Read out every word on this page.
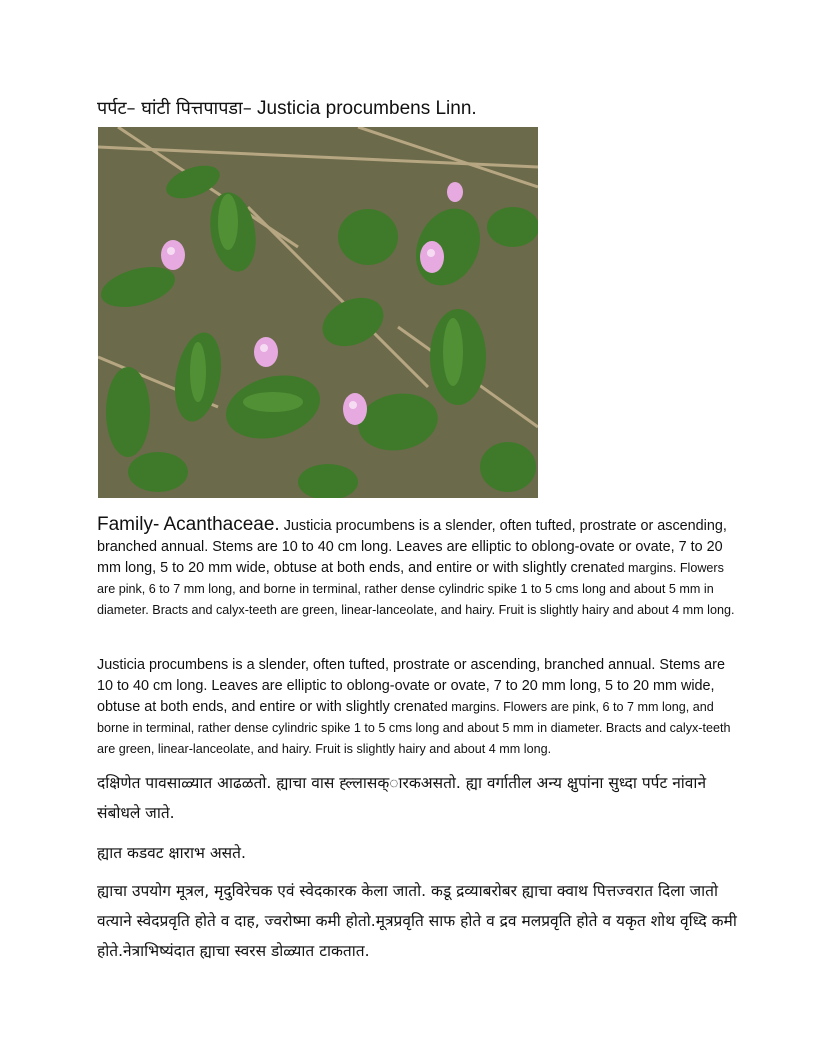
पर्पट– घांटी पित्तपापडा– Justicia procumbens Linn.
Family- Acanthaceae. Justicia procumbens is a slender, often tufted, prostrate or ascending, branched annual. Stems are 10 to 40 cm long. Leaves are elliptic to oblong-ovate or ovate, 7 to 20 mm long, 5 to 20 mm wide, obtuse at both ends, and entire or with slightly crenated margins. Flowers are pink, 6 to 7 mm long, and borne in terminal, rather dense cylindric spike 1 to 5 cms long and about 5 mm in diameter. Bracts and calyx-teeth are green, linear-lanceolate, and hairy. Fruit is slightly hairy and about 4 mm long.
Justicia procumbens is a slender, often tufted, prostrate or ascending, branched annual. Stems are 10 to 40 cm long. Leaves are elliptic to oblong-ovate or ovate, 7 to 20 mm long, 5 to 20 mm wide, obtuse at both ends, and entire or with slightly crenated margins. Flowers are pink, 6 to 7 mm long, and borne in terminal, rather dense cylindric spike 1 to 5 cms long and about 5 mm in diameter. Bracts and calyx-teeth are green, linear-lanceolate, and hairy. Fruit is slightly hairy and about 4 mm long.
दक्षिणेत पावसाळ्यात आढळतो. ह्याचा वास ह्ल्लासक्ारकअसतो. ह्या वर्गातील अन्य क्षुपांना सुध्दा पर्पट नांवाने संबोधले जाते.
ह्यात कडवट क्षाराभ असते.
ह्याचा उपयोग मूत्रल, मृदुविरेचक एवं स्वेदकारक केला जातो. कडू द्रव्याबरोबर ह्याचा क्वाथ पित्तज्वरात दिला जातो वत्याने स्वेदप्रवृति होते व दाह, ज्वरोष्मा कमी होतो.मूत्रप्रवृति साफ होते व द्रव मलप्रवृति होते व यकृत शोथ वृध्दि कमी होते.नेत्राभिष्यंदात ह्याचा स्वरस डोळ्यात टाकतात.
